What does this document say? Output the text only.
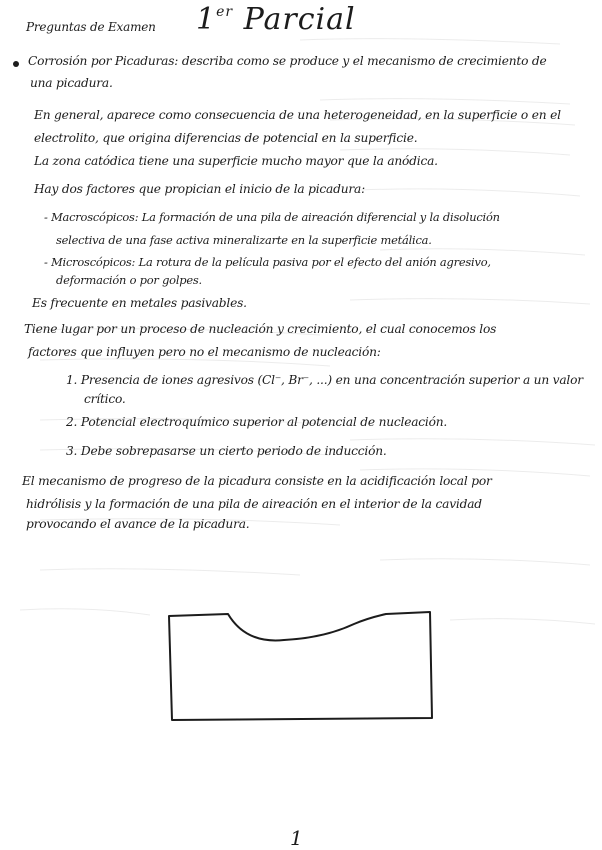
Preguntas de Examen 1er Parcial
Corrosión por Picaduras: describa como se produce y el mecanismo de crecimiento de
una picadura.
En general, aparece como consecuencia de una heterogeneidad, en la superficie o en el
electrolito, que origina diferencias de potencial en la superficie.
La zona catódica tiene una superficie mucho mayor que la anódica.
Hay dos factores que propician el inicio de la picadura:
- Macroscópicos: La formación de una pila de aireación diferencial y la disolución
selectiva de una fase activa mineralizarte en la superficie metálica.
- Microscópicos: La rotura de la película pasiva por el efecto del anión agresivo,
deformación o por golpes.
Es frecuente en metales pasivables.
Tiene lugar por un proceso de nucleación y crecimiento, el cual conocemos los
factores que influyen pero no el mecanismo de nucleación:
1. Presencia de iones agresivos (Cl⁻, Br⁻, ...) en una concentración superior a un valor
crítico.
2. Potencial electroquímico superior al potencial de nucleación.
3. Debe sobrepasarse un cierto periodo de inducción.
El mecanismo de progreso de la picadura consiste en la acidificación local por
hidrólisis y la formación de una pila de aireación en el interior de la cavidad
provocando el avance de la picadura.
1
